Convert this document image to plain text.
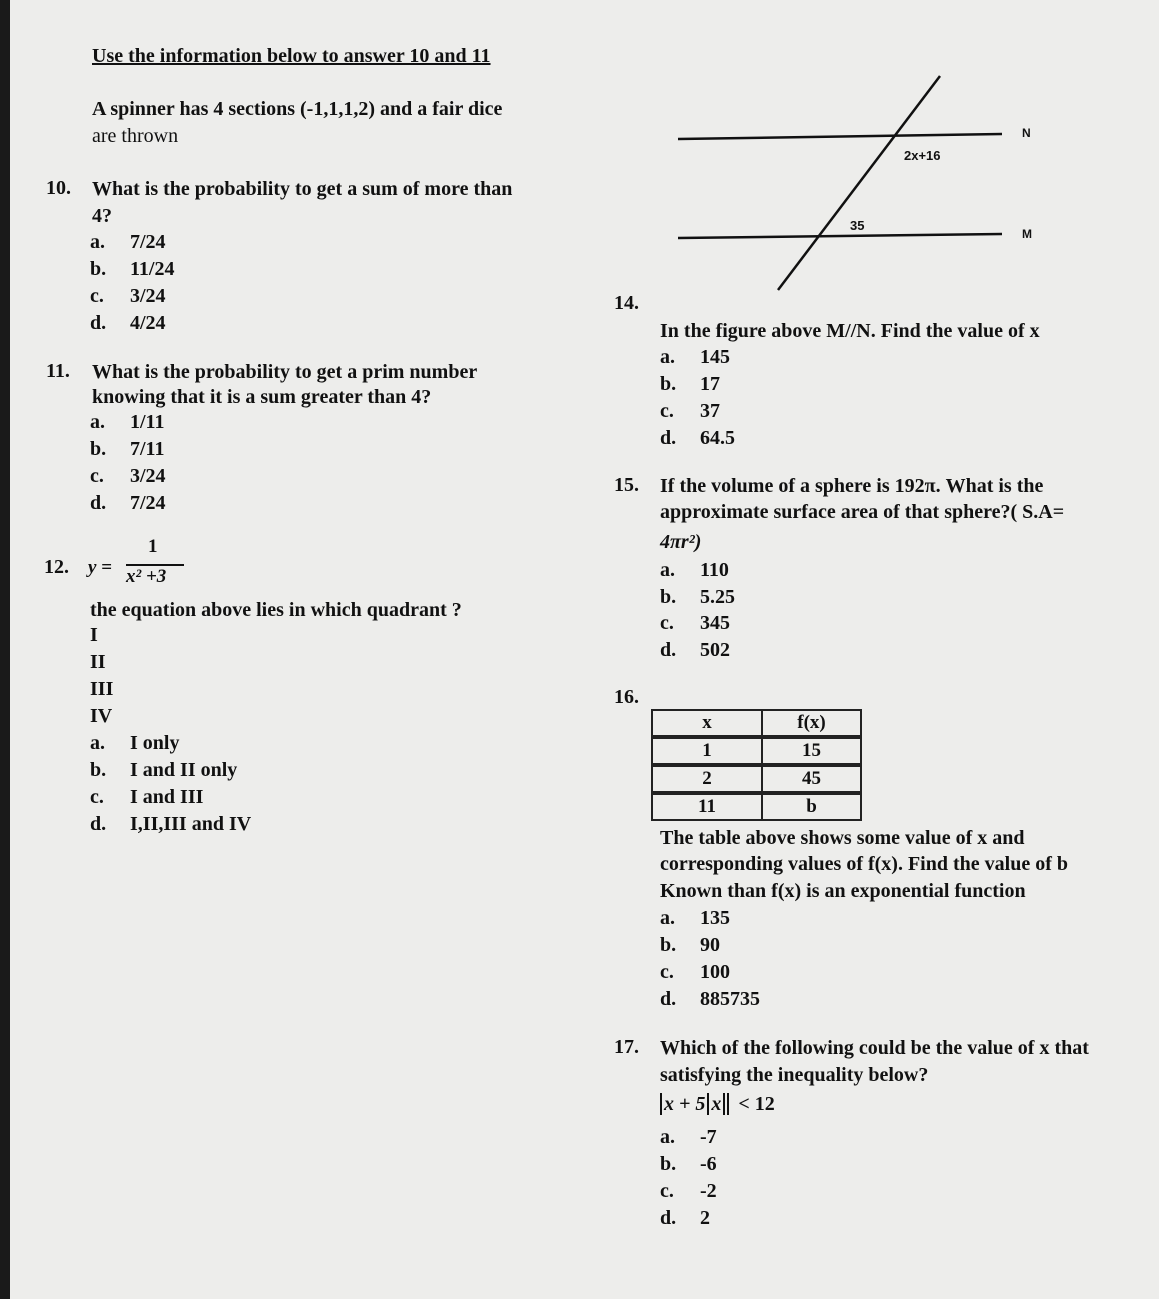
Use the information below to answer 10 and 11
A spinner has 4 sections (-1,1,1,2) and a fair dice
are thrown
10. What is the probability to get a sum of more than
4?
a. 7/24
b. 11/24
c. 3/24
d. 4/24
11. What is the probability to get a prim number
knowing that it is a sum greater than 4?
a. 1/11
b. 7/11
c. 3/24
d. 7/24
12. y =
1
x² +3
the equation above lies in which quadrant ?
I
II
III
IV
a. I only
b. I and II only
c. I and III
d. I,II,III and IV
N
M
2x+16
35
14.
In the figure above M//N. Find the value of x
a. 145
b. 17
c. 37
d. 64.5
15. If the volume of a sphere is 192π. What is the
approximate surface area of that sphere?( S.A=
4πr²)
a. 110
b. 5.25
c. 345
d. 502
16.
x	f(x)
1	15
2	45
11	b
The table above shows some value of x and
corresponding values of f(x). Find the value of b
Known than f(x) is an exponential function
a. 135
b. 90
c. 100
d. 885735
17. Which of the following could be the value of x that
satisfying the inequality below?
x + 5 x < 12
a. -7
b. -6
c. -2
d. 2
